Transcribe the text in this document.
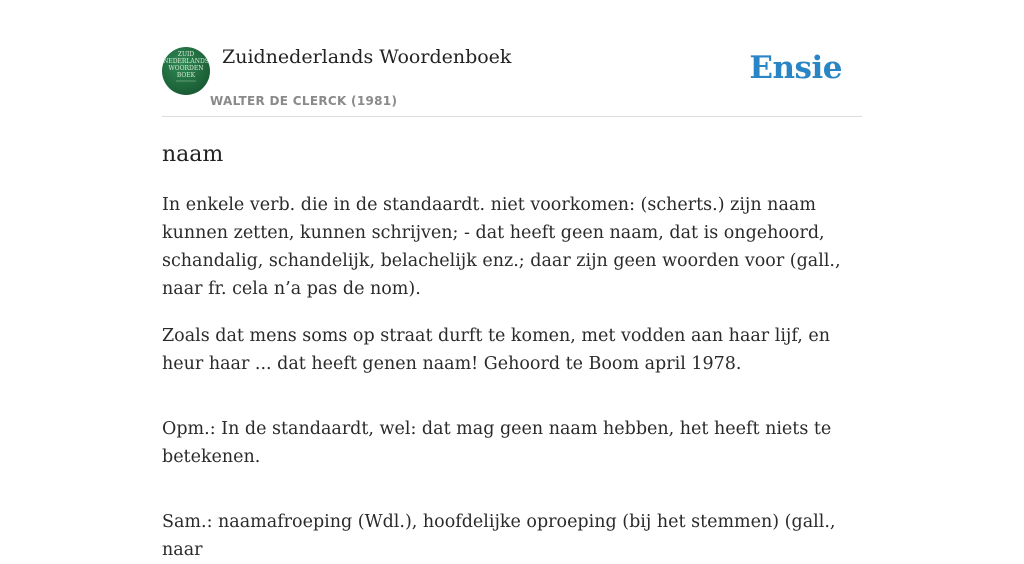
ZUID
NEDERLANDS
WOORDEN
BOEK
Zuidnederlands Woordenboek
WALTER DE CLERCK (1981)
Ensie
naam

In enkele verb. die in de standaardt. niet voorkomen: (scherts.) zijn naam kunnen zetten, kunnen schrijven; - dat heeft geen naam, dat is ongehoord, schandalig, schandelijk, belachelijk enz.; daar zijn geen woorden voor (gall., naar fr. cela n’a pas de nom).

Zoals dat mens soms op straat durft te komen, met vodden aan haar lijf, en heur haar ... dat heeft genen naam! Gehoord te Boom april 1978.

Opm.: In de standaardt, wel: dat mag geen naam hebben, het heeft niets te betekenen.

Sam.: naamafroeping (Wdl.), hoofdelijke oproeping (bij het stemmen) (gall., naar
